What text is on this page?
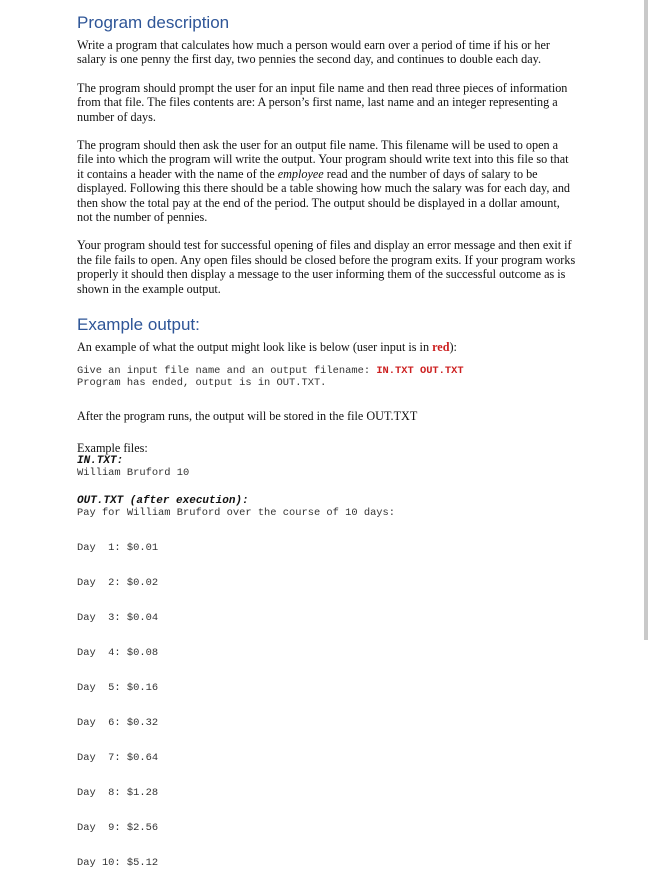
Program description

Write a program that calculates how much a person would earn over a period of time if his or her salary is one penny the first day, two pennies the second day, and continues to double each day.

The program should prompt the user for an input file name and then read three pieces of information from that file. The files contents are: A person’s first name, last name and an integer representing a number of days.

The program should then ask the user for an output file name. This filename will be used to open a file into which the program will write the output. Your program should write text into this file so that it contains a header with the name of the employee read and the number of days of salary to be displayed. Following this there should be a table showing how much the salary was for each day, and then show the total pay at the end of the period. The output should be displayed in a dollar amount, not the number of pennies.

Your program should test for successful opening of files and display an error message and then exit if the file fails to open. Any open files should be closed before the program exits. If your program works properly it should then display a message to the user informing them of the successful outcome as is shown in the example output.

Example output:

An example of what the output might look like is below (user input is in red):

Give an input file name and an output filename: IN.TXT OUT.TXT
Program has ended, output is in OUT.TXT.

After the program runs, the output will be stored in the file OUT.TXT

Example files:

IN.TXT:
William Bruford 10
OUT.TXT (after execution):
Pay for William Bruford over the course of 10 days:

Day  1: $0.01

Day  2: $0.02

Day  3: $0.04

Day  4: $0.08

Day  5: $0.16

Day  6: $0.32

Day  7: $0.64

Day  8: $1.28

Day  9: $2.56

Day 10: $5.12
